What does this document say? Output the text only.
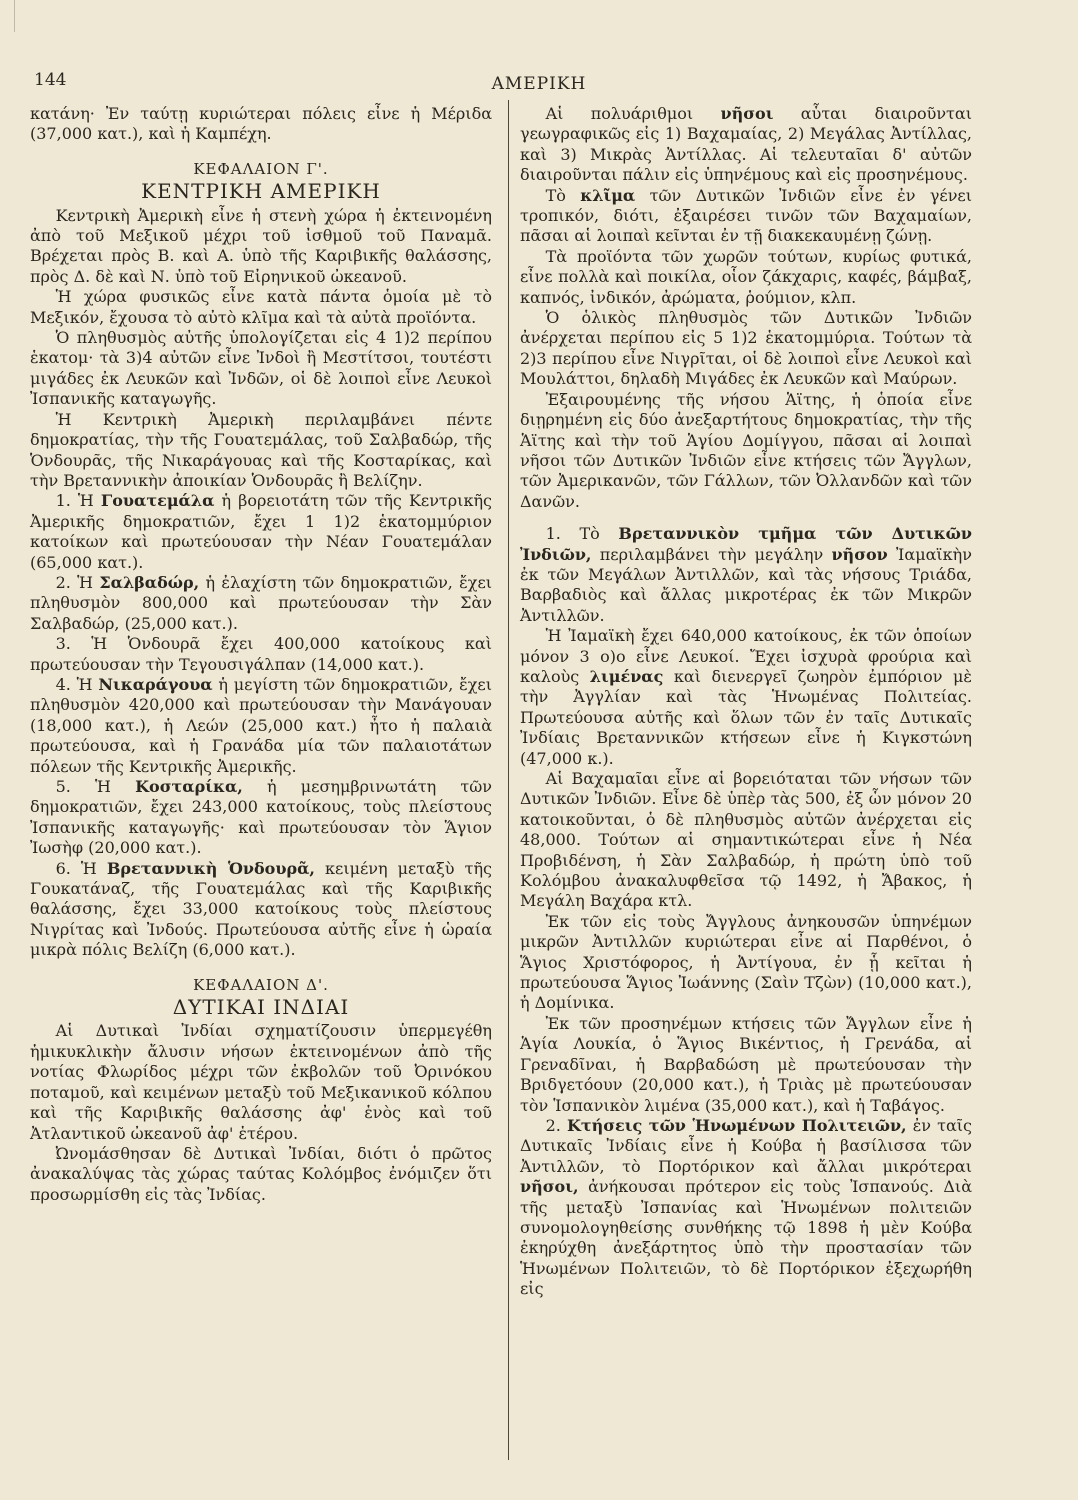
144	ΑΜΕΡΙΚΗ

κατάνη· Ἐν ταύτῃ κυριώτεραι πόλεις εἶνε ἡ Μέριδα (37,000 κατ.), καὶ ἡ Καμπέχη.

ΚΕΦΑΛΑΙΟΝ Γ'.
ΚΕΝΤΡΙΚΗ ΑΜΕΡΙΚΗ

Κεντρικὴ Ἀμερικὴ εἶνε ἡ στενὴ χώρα ἡ ἐκτεινομένη ἀπὸ τοῦ Μεξικοῦ μέχρι τοῦ ἰσθμοῦ τοῦ Παναμᾶ. Βρέχεται πρὸς Β. καὶ Α. ὑπὸ τῆς Καριβικῆς θαλάσσης, πρὸς Δ. δὲ καὶ Ν. ὑπὸ τοῦ Εἰρηνικοῦ ὠκεανοῦ.

Ἡ χώρα φυσικῶς εἶνε κατὰ πάντα ὁμοία μὲ τὸ Μεξικόν, ἔχουσα τὸ αὐτὸ κλῖμα καὶ τὰ αὐτὰ προϊόντα.

Ὁ πληθυσμὸς αὐτῆς ὑπολογίζεται εἰς 4 1)2 περίπου ἑκατομ· τὰ 3)4 αὐτῶν εἶνε Ἰνδοὶ ἢ Μεστίτσοι, τουτέστι μιγάδες ἐκ Λευκῶν καὶ Ἰνδῶν, οἱ δὲ λοιποὶ εἶνε Λευκοὶ Ἰσπανικῆς καταγωγῆς.

Ἡ Κεντρικὴ Ἀμερικὴ περιλαμβάνει πέντε δημοκρατίας, τὴν τῆς Γουατεμάλας, τοῦ Σαλβαδώρ, τῆς Ὁνδουρᾶς, τῆς Νικαράγουας καὶ τῆς Κοσταρίκας, καὶ τὴν Βρεταννικὴν ἀποικίαν Ὁνδουρᾶς ἢ Βελίζην.

1. Ἡ Γουατεμάλα ἡ βορειοτάτη τῶν τῆς Κεντρικῆς Ἀμερικῆς δημοκρατιῶν, ἔχει 1 1)2 ἑκατομμύριον κατοίκων καὶ πρωτεύουσαν τὴν Νέαν Γουατεμάλαν (65,000 κατ.).

2. Ἡ Σαλβαδώρ, ἡ ἐλαχίστη τῶν δημοκρατιῶν, ἔχει πληθυσμὸν 800,000 καὶ πρωτεύουσαν τὴν Σὰν Σαλβαδώρ, (25,000 κατ.).

3. Ἡ Ὁνδουρᾶ ἔχει 400,000 κατοίκους καὶ πρωτεύουσαν τὴν Τεγουσιγάλπαν (14,000 κατ.).

4. Ἡ Νικαράγουα ἡ μεγίστη τῶν δημοκρατιῶν, ἔχει πληθυσμὸν 420,000 καὶ πρωτεύουσαν τὴν Μανάγουαν (18,000 κατ.), ἡ Λεών (25,000 κατ.) ἦτο ἡ παλαιὰ πρωτεύουσα, καὶ ἡ Γρανάδα μία τῶν παλαιοτάτων πόλεων τῆς Κεντρικῆς Ἀμερικῆς.

5. Ἡ Κοσταρίκα, ἡ μεσημβρινωτάτη τῶν δημοκρατιῶν, ἔχει 243,000 κατοίκους, τοὺς πλείστους Ἰσπανικῆς καταγωγῆς· καὶ πρωτεύουσαν τὸν Ἅγιον Ἰωσὴφ (20,000 κατ.).

6. Ἡ Βρεταννικὴ Ὁνδουρᾶ, κειμένη μεταξὺ τῆς Γουκατάναζ, τῆς Γουατεμάλας καὶ τῆς Καριβικῆς θαλάσσης, ἔχει 33,000 κατοίκους τοὺς πλείστους Νιγρίτας καὶ Ἰνδούς. Πρωτεύουσα αὐτῆς εἶνε ἡ ὡραία μικρὰ πόλις Βελίζη (6,000 κατ.).

ΚΕΦΑΛΑΙΟΝ Δ'.
ΔΥΤΙΚΑΙ ΙΝΔΙΑΙ

Αἱ Δυτικαὶ Ἰνδίαι σχηματίζουσιν ὑπερμεγέθη ἡμικυκλικὴν ἄλυσιν νήσων ἐκτεινομένων ἀπὸ τῆς νοτίας Φλωρίδος μέχρι τῶν ἐκβολῶν τοῦ Ὀρινόκου ποταμοῦ, καὶ κειμένων μεταξὺ τοῦ Μεξικανικοῦ κόλπου καὶ τῆς Καριβικῆς θαλάσσης ἀφ' ἑνὸς καὶ τοῦ Ἀτλαντικοῦ ὠκεανοῦ ἀφ' ἑτέρου.

Ὠνομάσθησαν δὲ Δυτικαὶ Ἰνδίαι, διότι ὁ πρῶτος ἀνακαλύψας τὰς χώρας ταύτας Κολόμβος ἐνόμιζεν ὅτι προσωρμίσθη εἰς τὰς Ἰνδίας.

Αἱ πολυάριθμοι νῆσοι αὗται διαιροῦνται γεωγραφικῶς εἰς 1) Βαχαμαίας, 2) Μεγάλας Ἀντίλλας, καὶ 3) Μικρὰς Ἀντίλλας. Αἱ τελευταῖαι δ' αὐτῶν διαιροῦνται πάλιν εἰς ὑπηνέμους καὶ εἰς προσηνέμους.

Τὸ κλῖμα τῶν Δυτικῶν Ἰνδιῶν εἶνε ἐν γένει τροπικόν, διότι, ἐξαιρέσει τινῶν τῶν Βαχαμαίων, πᾶσαι αἱ λοιπαὶ κεῖνται ἐν τῇ διακεκαυμένῃ ζώνῃ.

Τὰ προϊόντα τῶν χωρῶν τούτων, κυρίως φυτικά, εἶνε πολλὰ καὶ ποικίλα, οἷον ζάκχαρις, καφές, βάμβαξ, καπνός, ἰνδικόν, ἀρώματα, ῥούμιον, κλπ.

Ὁ ὁλικὸς πληθυσμὸς τῶν Δυτικῶν Ἰνδιῶν ἀνέρχεται περίπου εἰς 5 1)2 ἑκατομμύρια. Τούτων τὰ 2)3 περίπου εἶνε Νιγρῖται, οἱ δὲ λοιποὶ εἶνε Λευκοὶ καὶ Μουλάττοι, δηλαδὴ Μιγάδες ἐκ Λευκῶν καὶ Μαύρων.

Ἐξαιρουμένης τῆς νήσου Ἁϊτης, ἡ ὁποία εἶνε διῃρημένη εἰς δύο ἀνεξαρτήτους δημοκρατίας, τὴν τῆς Ἁϊτης καὶ τὴν τοῦ Ἁγίου Δομίγγου, πᾶσαι αἱ λοιπαὶ νῆσοι τῶν Δυτικῶν Ἰνδιῶν εἶνε κτήσεις τῶν Ἄγγλων, τῶν Ἀμερικανῶν, τῶν Γάλλων, τῶν Ὀλλανδῶν καὶ τῶν Δανῶν.

1. Τὸ Βρεταννικὸν τμῆμα τῶν Δυτικῶν Ἰνδιῶν, περιλαμβάνει τὴν μεγάλην νῆσον Ἰαμαϊκὴν ἐκ τῶν Μεγάλων Ἀντιλλῶν, καὶ τὰς νήσους Τριάδα, Βαρβαδιὸς καὶ ἄλλας μικροτέρας ἐκ τῶν Μικρῶν Ἀντιλλῶν.

Ἡ Ἰαμαϊκὴ ἔχει 640,000 κατοίκους, ἐκ τῶν ὁποίων μόνον 3 ο)ο εἶνε Λευκοί. Ἔχει ἰσχυρὰ φρούρια καὶ καλοὺς λιμένας καὶ διενεργεῖ ζωηρὸν ἐμπόριον μὲ τὴν Ἀγγλίαν καὶ τὰς Ἡνωμένας Πολιτείας. Πρωτεύουσα αὐτῆς καὶ ὅλων τῶν ἐν ταῖς Δυτικαῖς Ἰνδίαις Βρεταννικῶν κτήσεων εἶνε ἡ Κιγκστώνη (47,000 κ.).

Αἱ Βαχαμαῖαι εἶνε αἱ βορειόταται τῶν νήσων τῶν Δυτικῶν Ἰνδιῶν. Εἶνε δὲ ὑπὲρ τὰς 500, ἐξ ὧν μόνον 20 κατοικοῦνται, ὁ δὲ πληθυσμὸς αὐτῶν ἀνέρχεται εἰς 48,000. Τούτων αἱ σημαντικώτεραι εἶνε ἡ Νέα Προβιδένση, ἡ Σὰν Σαλβαδώρ, ἡ πρώτη ὑπὸ τοῦ Κολόμβου ἀνακαλυφθεῖσα τῷ 1492, ἡ Ἄβακος, ἡ Μεγάλη Βαχάρα κτλ.

Ἐκ τῶν εἰς τοὺς Ἄγγλους ἀνηκουσῶν ὑπηνέμων μικρῶν Ἀντιλλῶν κυριώτεραι εἶνε αἱ Παρθένοι, ὁ Ἅγιος Χριστόφορος, ἡ Ἀντίγουα, ἐν ᾗ κεῖται ἡ πρωτεύουσα Ἅγιος Ἰωάννης (Σαὶν Τζὼν) (10,000 κατ.), ἡ Δομίνικα.

Ἐκ τῶν προσηνέμων κτήσεις τῶν Ἄγγλων εἶνε ἡ Ἁγία Λουκία, ὁ Ἅγιος Βικέντιος, ἡ Γρενάδα, αἱ Γρεναδῖναι, ἡ Βαρβαδώση μὲ πρωτεύουσαν τὴν Βριδγετόουν (20,000 κατ.), ἡ Τριὰς μὲ πρωτεύουσαν τὸν Ἱσπανικὸν λιμένα (35,000 κατ.), καὶ ἡ Ταβάγος.

2. Κτήσεις τῶν Ἡνωμένων Πολιτειῶν, ἐν ταῖς Δυτικαῖς Ἰνδίαις εἶνε ἡ Κούβα ἡ βασίλισσα τῶν Ἀντιλλῶν, τὸ Πορτόρικον καὶ ἄλλαι μικρότεραι νῆσοι, ἀνήκουσαι πρότερον εἰς τοὺς Ἰσπανούς. Διὰ τῆς μεταξὺ Ἰσπανίας καὶ Ἡνωμένων πολιτειῶν συνομολογηθείσης συνθήκης τῷ 1898 ἡ μὲν Κούβα ἐκηρύχθη ἀνεξάρτητος ὑπὸ τὴν προστασίαν τῶν Ἡνωμένων Πολιτειῶν, τὸ δὲ Πορτόρικον ἐξεχωρήθη εἰς
